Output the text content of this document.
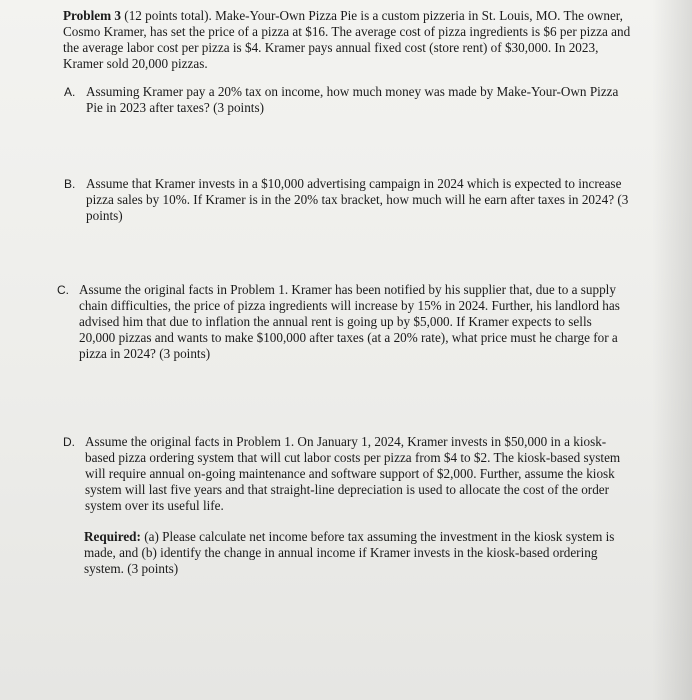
Problem 3 (12 points total). Make-Your-Own Pizza Pie is a custom pizzeria in St. Louis, MO. The owner, Cosmo Kramer, has set the price of a pizza at $16. The average cost of pizza ingredients is $6 per pizza and the average labor cost per pizza is $4. Kramer pays annual fixed cost (store rent) of $30,000. In 2023, Kramer sold 20,000 pizzas.
A. Assuming Kramer pay a 20% tax on income, how much money was made by Make-Your-Own Pizza Pie in 2023 after taxes? (3 points)
B. Assume that Kramer invests in a $10,000 advertising campaign in 2024 which is expected to increase pizza sales by 10%. If Kramer is in the 20% tax bracket, how much will he earn after taxes in 2024? (3 points)
C. Assume the original facts in Problem 1. Kramer has been notified by his supplier that, due to a supply chain difficulties, the price of pizza ingredients will increase by 15% in 2024. Further, his landlord has advised him that due to inflation the annual rent is going up by $5,000. If Kramer expects to sells 20,000 pizzas and wants to make $100,000 after taxes (at a 20% rate), what price must he charge for a pizza in 2024? (3 points)
D. Assume the original facts in Problem 1. On January 1, 2024, Kramer invests in $50,000 in a kiosk-based pizza ordering system that will cut labor costs per pizza from $4 to $2. The kiosk-based system will require annual on-going maintenance and software support of $2,000. Further, assume the kiosk system will last five years and that straight-line depreciation is used to allocate the cost of the order system over its useful life.
Required: (a) Please calculate net income before tax assuming the investment in the kiosk system is made, and (b) identify the change in annual income if Kramer invests in the kiosk-based ordering system. (3 points)
